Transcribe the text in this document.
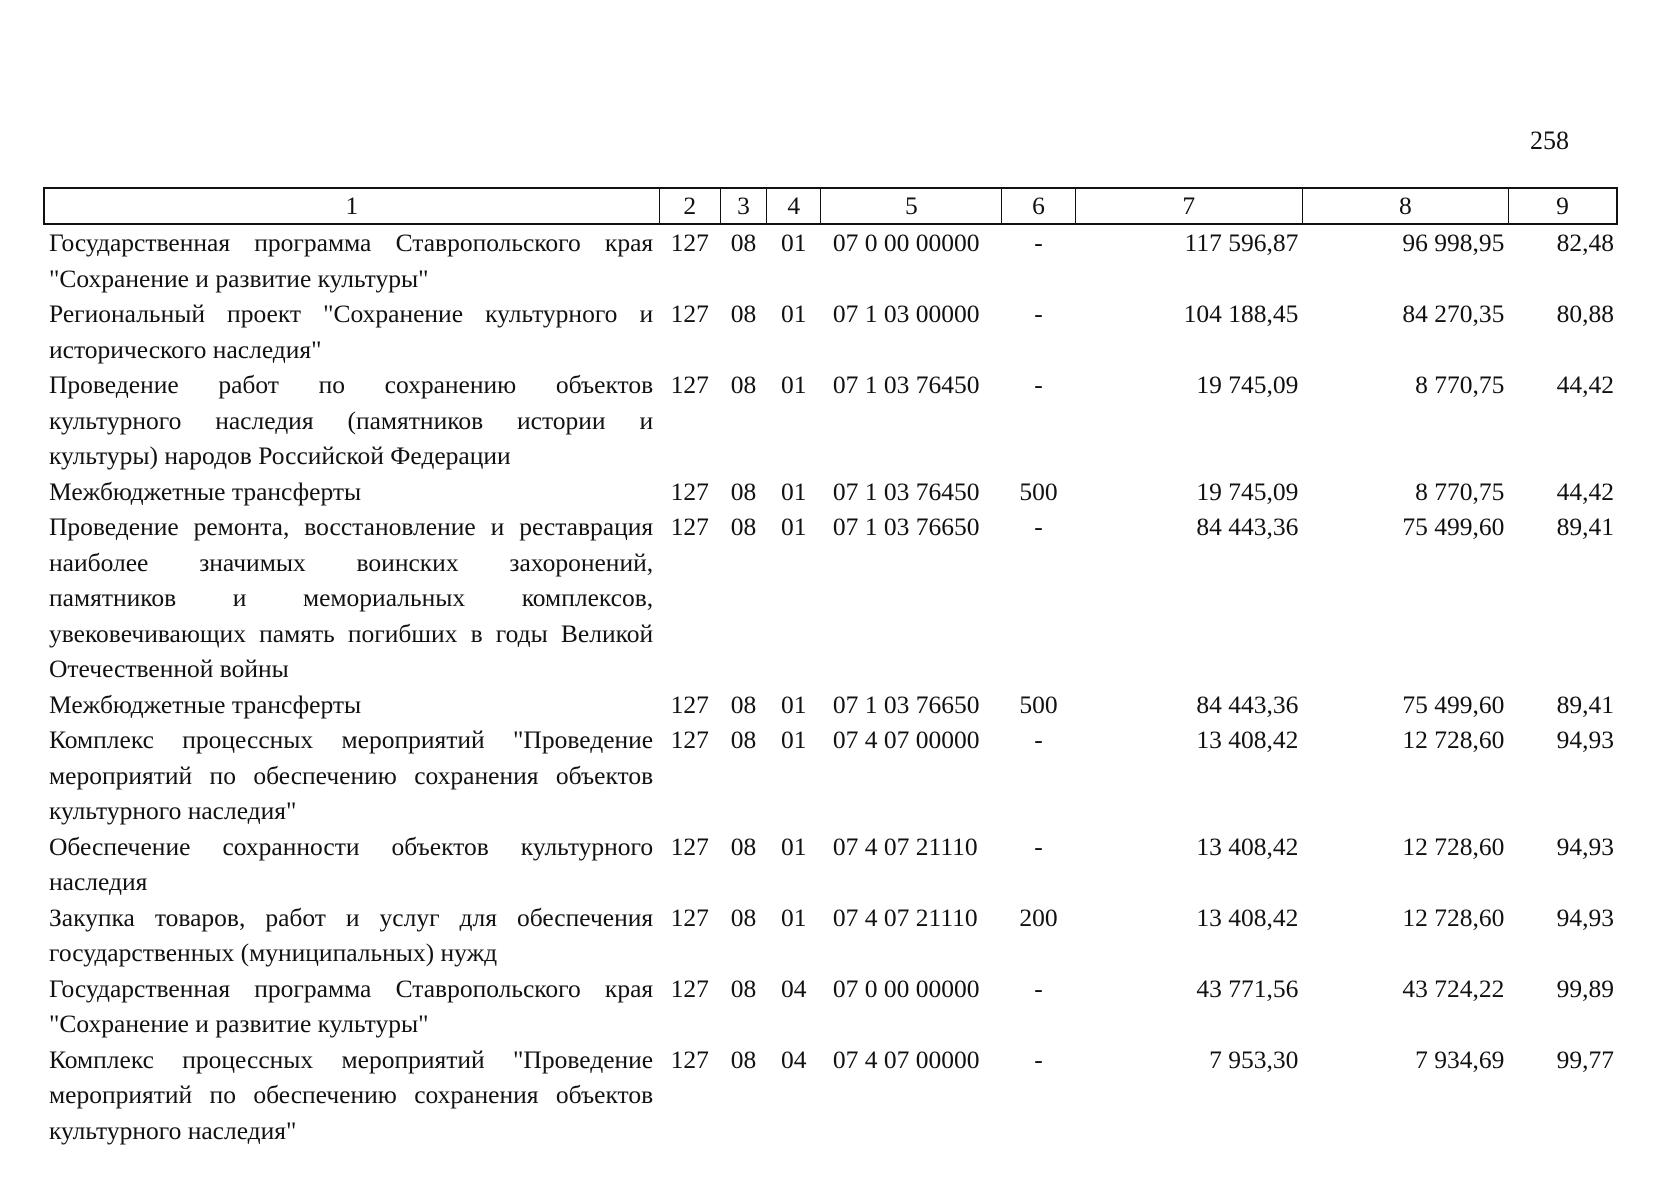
258
1	2	3	4	5	6	7	8	9
Государственная программа Ставропольского края "Сохранение и развитие культуры"	127	08	01	07 0 00 00000	-	117 596,87	96 998,95	82,48
Региональный проект "Сохранение культурного и исторического наследия"	127	08	01	07 1 03 00000	-	104 188,45	84 270,35	80,88
Проведение работ по сохранению объектов культурного наследия (памятников истории и культуры) народов Российской Федерации	127	08	01	07 1 03 76450	-	19 745,09	8 770,75	44,42
Межбюджетные трансферты	127	08	01	07 1 03 76450	500	19 745,09	8 770,75	44,42
Проведение ремонта, восстановление и реставрация наиболее значимых воинских захоронений, памятников и мемориальных комплексов, увековечивающих память погибших в годы Великой Отечественной войны	127	08	01	07 1 03 76650	-	84 443,36	75 499,60	89,41
Межбюджетные трансферты	127	08	01	07 1 03 76650	500	84 443,36	75 499,60	89,41
Комплекс процессных мероприятий "Проведение мероприятий по обеспечению сохранения объектов культурного наследия"	127	08	01	07 4 07 00000	-	13 408,42	12 728,60	94,93
Обеспечение сохранности объектов культурного наследия	127	08	01	07 4 07 21110	-	13 408,42	12 728,60	94,93
Закупка товаров, работ и услуг для обеспечения государственных (муниципальных) нужд	127	08	01	07 4 07 21110	200	13 408,42	12 728,60	94,93
Государственная программа Ставропольского края "Сохранение и развитие культуры"	127	08	04	07 0 00 00000	-	43 771,56	43 724,22	99,89
Комплекс процессных мероприятий "Проведение мероприятий по обеспечению сохранения объектов культурного наследия"	127	08	04	07 4 07 00000	-	7 953,30	7 934,69	99,77
